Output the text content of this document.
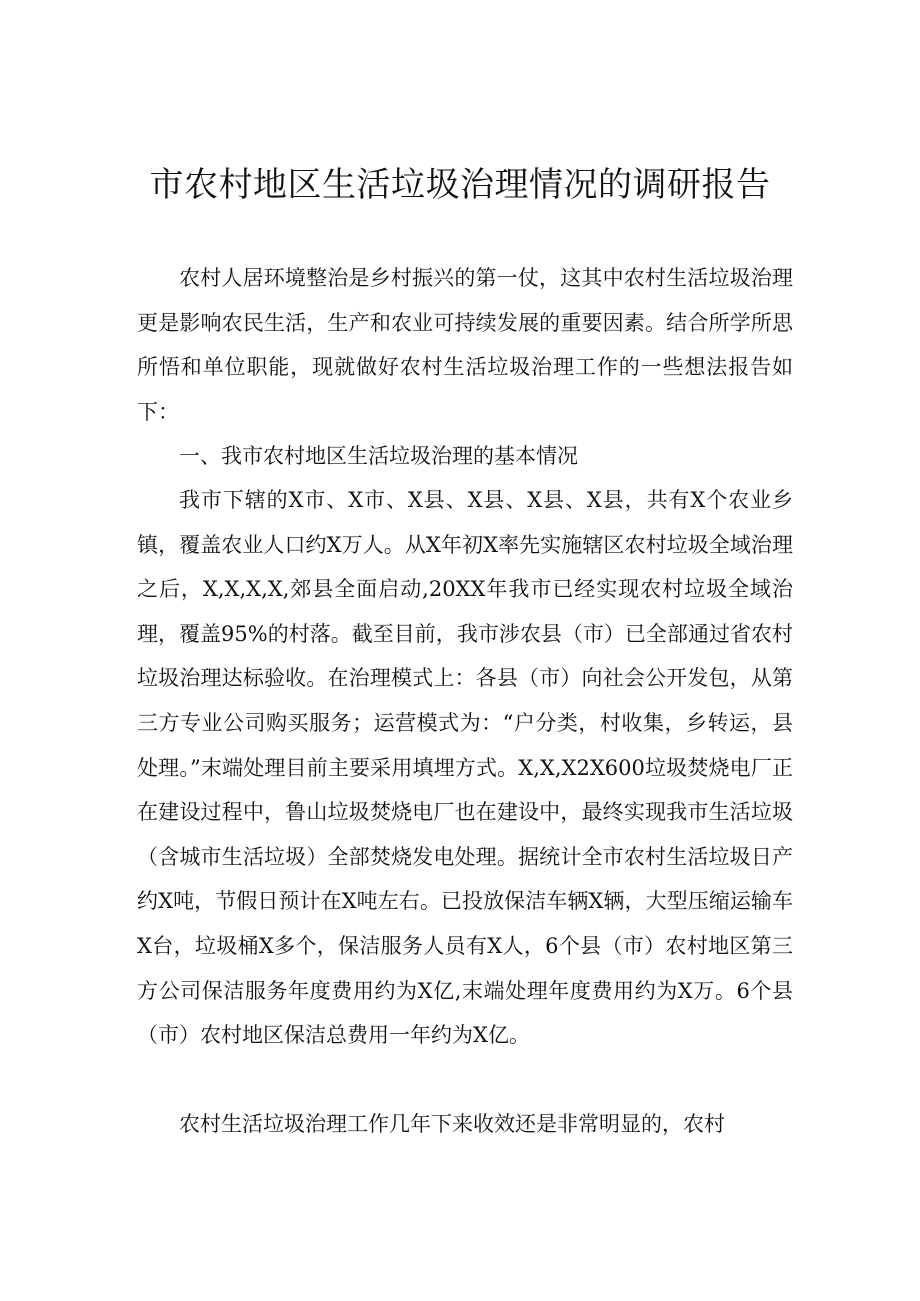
市农村地区生活垃圾治理情况的调研报告

农村人居环境整治是乡村振兴的第一仗，这其中农村生活垃圾治理更是影响农民生活，生产和农业可持续发展的重要因素。结合所学所思所悟和单位职能，现就做好农村生活垃圾治理工作的一些想法报告如下：

一、我市农村地区生活垃圾治理的基本情况

我市下辖的X市、X市、X县、X县、X县、X县，共有X个农业乡镇，覆盖农业人口约X万人。从X年初X率先实施辖区农村垃圾全域治理之后，X,X,X,X,郊县全面启动,20XX年我市已经实现农村垃圾全域治理，覆盖95%的村落。截至目前，我市涉农县（市）已全部通过省农村垃圾治理达标验收。在治理模式上：各县（市）向社会公开发包，从第三方专业公司购买服务；运营模式为：“户分类，村收集，乡转运，县处理。”末端处理目前主要采用填埋方式。X,X,X2X600垃圾焚烧电厂正在建设过程中，鲁山垃圾焚烧电厂也在建设中，最终实现我市生活垃圾（含城市生活垃圾）全部焚烧发电处理。据统计全市农村生活垃圾日产约X吨，节假日预计在X吨左右。已投放保洁车辆X辆，大型压缩运输车X台，垃圾桶X多个，保洁服务人员有X人，6个县（市）农村地区第三方公司保洁服务年度费用约为X亿,末端处理年度费用约为X万。6个县（市）农村地区保洁总费用一年约为X亿。

农村生活垃圾治理工作几年下来收效还是非常明显的，农村
